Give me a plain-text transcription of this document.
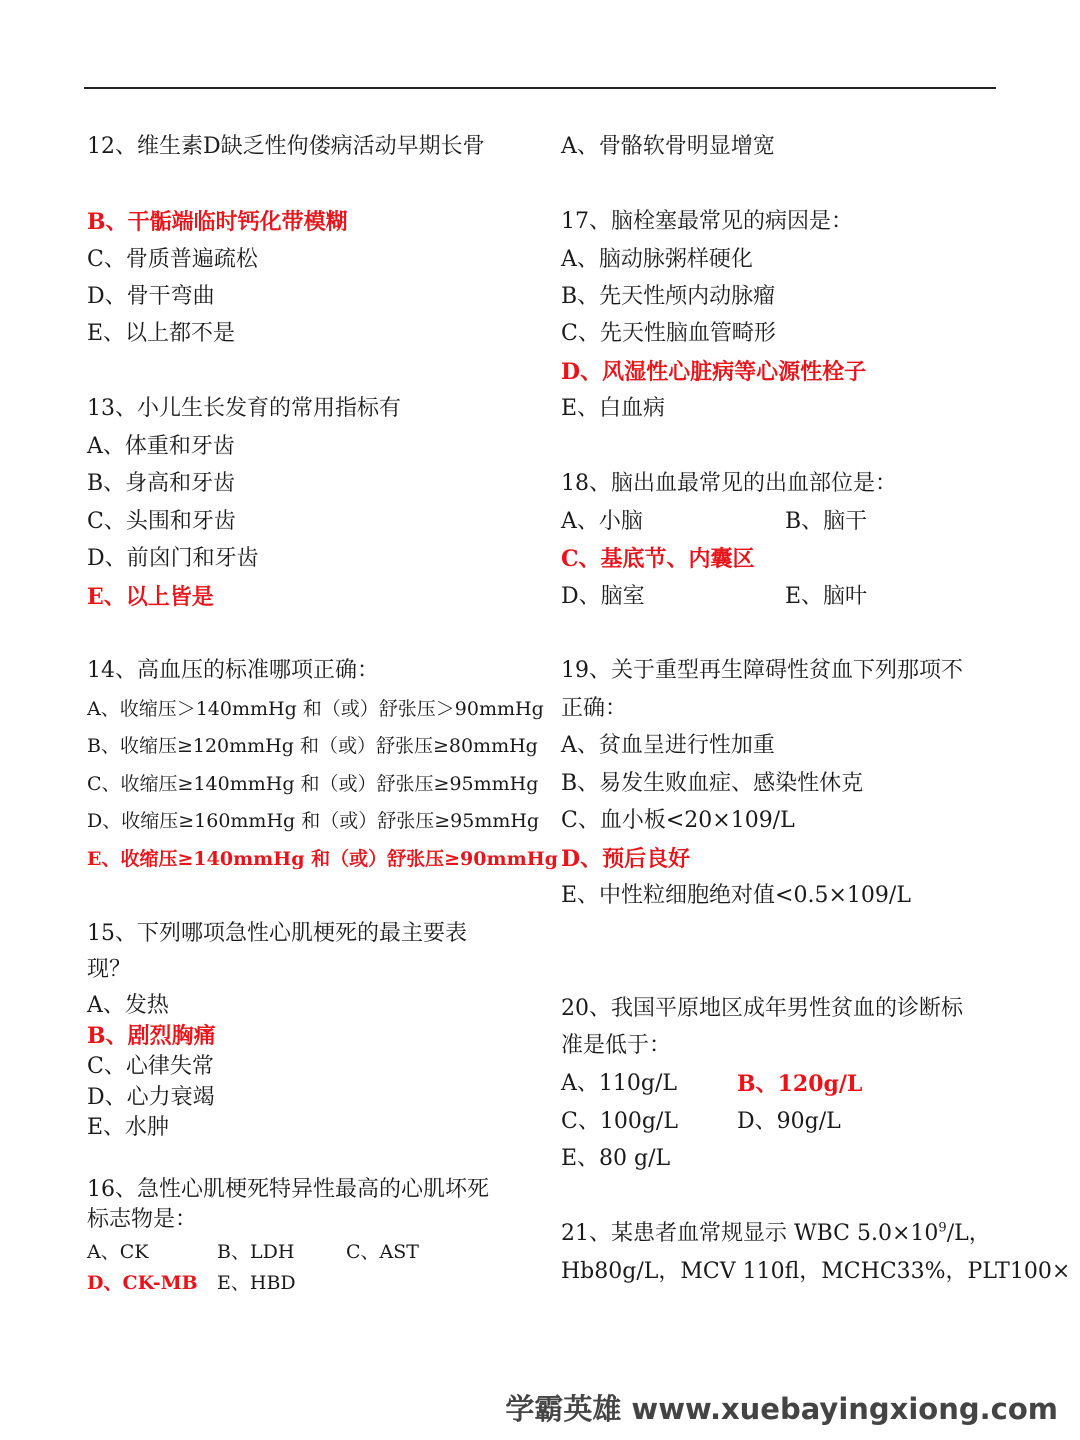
12、维生素D缺乏性佝偻病活动早期长骨
B、干骺端临时钙化带模糊
C、骨质普遍疏松
D、骨干弯曲
E、以上都不是
13、小儿生长发育的常用指标有
A、体重和牙齿
B、身高和牙齿
C、头围和牙齿
D、前囟门和牙齿
E、以上皆是
14、高血压的标准哪项正确：
A、收缩压＞140mmHg 和（或）舒张压＞90mmHg
B、收缩压≥120mmHg 和（或）舒张压≥80mmHg
C、收缩压≥140mmHg 和（或）舒张压≥95mmHg
D、收缩压≥160mmHg 和（或）舒张压≥95mmHg
E、收缩压≥140mmHg 和（或）舒张压≥90mmHg
15、下列哪项急性心肌梗死的最主要表
现？
A、发热
B、剧烈胸痛
C、心律失常
D、心力衰竭
E、水肿
16、急性心肌梗死特异性最高的心肌坏死
标志物是：
A、CK	B、LDH	C、AST
D、CK-MB E、HBD
A、骨骼软骨明显增宽
17、脑栓塞最常见的病因是：
A、脑动脉粥样硬化
B、先天性颅内动脉瘤
C、先天性脑血管畸形
D、风湿性心脏病等心源性栓子
E、白血病
18、脑出血最常见的出血部位是：
A、小脑	B、脑干
C、基底节、内囊区
D、脑室	E、脑叶
19、关于重型再生障碍性贫血下列那项不
正确：
A、贫血呈进行性加重
B、易发生败血症、感染性休克
C、血小板<20×109/L
D、预后良好
E、中性粒细胞绝对值<0.5×109/L
20、我国平原地区成年男性贫血的诊断标
准是低于：
A、110g/L	B、120g/L
C、100g/L	D、90g/L
E、80 g/L
21、某患者血常规显示 WBC $5.0\times 10^9/L$，
Hb80g/L，MCV 110fl，MCHC33%，PLT100×
学霸英雄 www.xuebayingxiong.com
